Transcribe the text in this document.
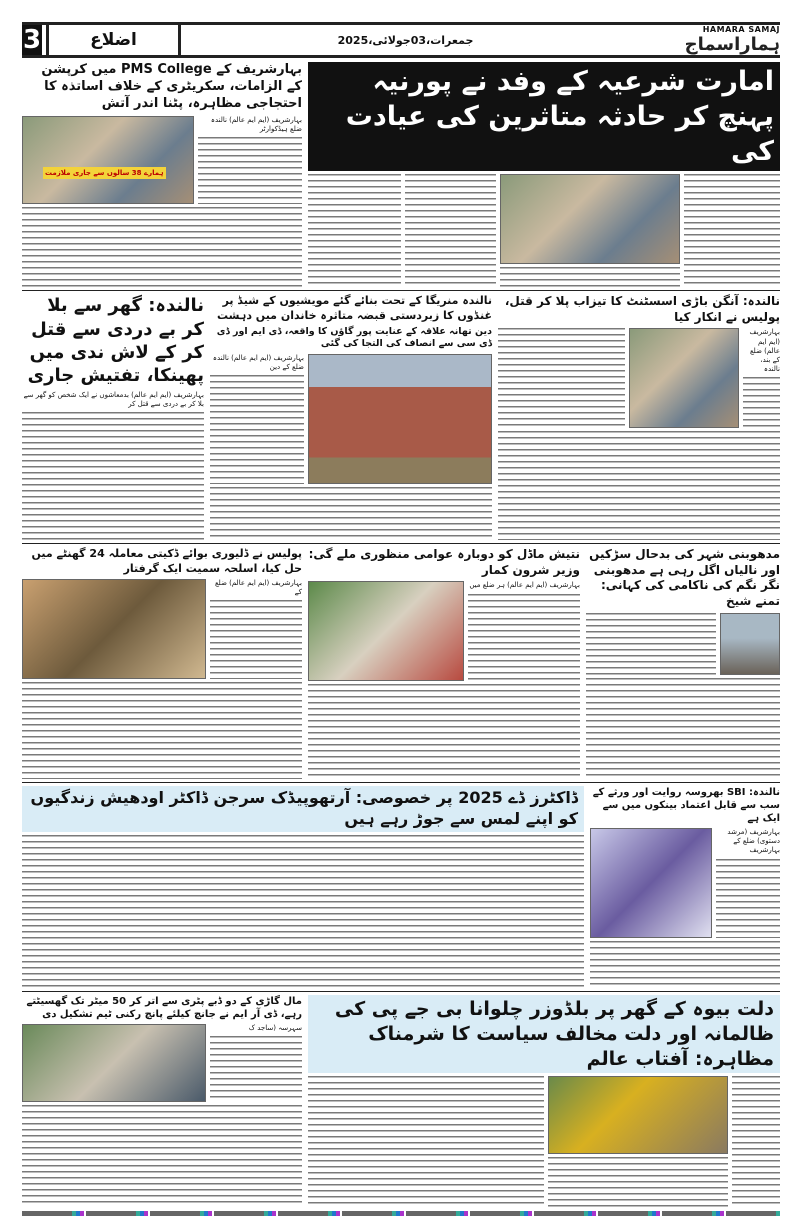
3	اضلاع	جمعرات،03جولائی،2025
HAMARA SAMAJ
ہماراسماج
بہارشریف کے PMS College میں کرپشن کے الزامات، سکریٹری کے خلاف اساتذہ کا احتجاجی مظاہرہ، پٹنا اندر آتش
ہمارے 38 سالوں سے جاری ملازمت
بہارشریف (ایم ایم عالم) نالندہ ضلع ہیڈکوارٹر
امارت شرعیہ کے وفد نے پورنیہ پہنچ کر حادثہ متاثرین کی عیادت کی
نالندہ: گھر سے بلا کر بے دردی سے قتل کر کے لاش ندی میں پھینکا، تفتیش جاری
بہارشریف (ایم ایم عالم) بدمعاشوں نے ایک شخص کو گھر سے بلا کر بے دردی سے قتل کر
نالندہ منریگا کے تحت بنائے گئے مویشیوں کے شیڈ پر غنڈوں کا زبردستی قبضہ متاثرہ خاندان میں دہشت
دین تھانہ علاقہ کے عنایت پور گاؤں کا واقعہ، ڈی ایم اور ڈی ڈی سی سے انصاف کی التجا کی گئی
بہارشریف (ایم ایم عالم) نالندہ ضلع کے دین
نالندہ: آنگن باڑی اسسٹنٹ کا تیزاب پلا کر قتل، پولیس نے انکار کیا
بہارشریف (ایم ایم عالم) ضلع کے بند، نالندہ
پولیس نے ڈلیوری بوائے ڈکیتی معاملہ 24 گھنٹے میں حل کیا، اسلحہ سمیت ایک گرفتار
بہارشریف (ایم ایم عالم) ضلع کے
نتیش ماڈل کو دوبارہ عوامی منظوری ملے گی: وزیر شرون کمار
بہارشریف (ایم ایم عالم) ہر ضلع میں
مدھوبنی شہر کی بدحال سڑکیں اور نالیاں اگل رہی ہے مدھوبنی نگر نگم کی ناکامی کی کہانی: تمنے شیخ
ڈاکٹرز ڈے 2025 پر خصوصی: آرتھوپیڈک سرجن ڈاکٹر اودھیش زندگیوں کو اپنے لمس سے جوڑ رہے ہیں
نالندہ: SBI بھروسہ روایت اور ورثے کے سب سے قابل اعتماد بینکوں میں سے ایک ہے
بہارشریف (مرشد دستوی) ضلع کے بہارشریف
مال گاڑی کے دو ڈبے پٹری سے اتر کر 50 میٹر تک گھسیٹتے رہے، ڈی آر ایم نے جانچ کیلئے پانچ رکنی ٹیم تشکیل دی
سہرسہ (ساجد ک
دلت بیوہ کے گھر پر بلڈوزر چلوانا بی جے پی کی ظالمانہ اور دلت مخالف سیاست کا شرمناک مظاہرہ: آفتاب عالم
